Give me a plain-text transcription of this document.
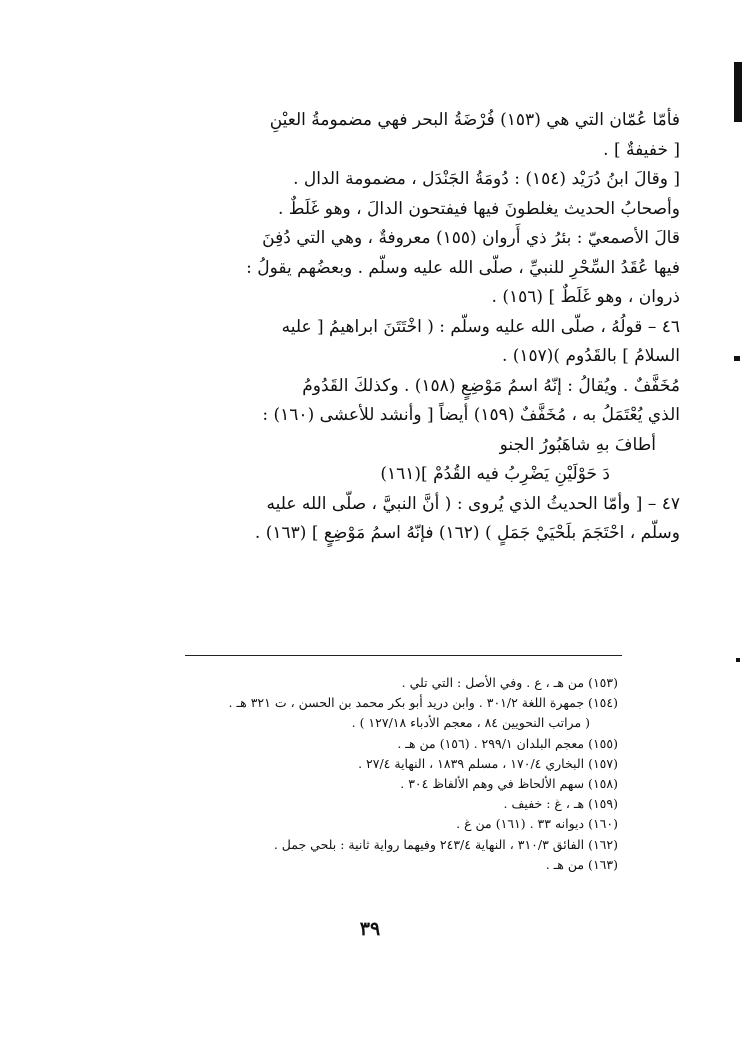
فأمّا عُمّان التي هي (١٥٣) فُرْضَةُ البحر فهي مضمومةُ العيْنِ

[ خفيفةٌ ] .

[ وقالَ ابنُ دُرَيْد (١٥٤) : دُومَةُ الجَنْدَل ، مضمومة الدال .

وأصحابُ الحديث يغلطونَ فيها فيفتحون الدالَ ، وهو غَلَطٌ .

قالَ الأصمعيّ : بئرُ ذي أَروان (١٥٥) معروفةٌ ، وهي التي دُفِنَ

فيها عُقَدُ السِّحْرِ للنبيِّ ، صلّى الله عليه وسلّم . وبعضُهم يقولُ :

ذروان ، وهو غَلَطٌ ] (١٥٦) .

٤٦ – قولُهُ ، صلّى الله عليه وسلّم : ( اخْتَتَنَ ابراهيمُ [ عليه

السلامُ ] بالقَدُوم )(١٥٧) .

مُخَفَّفٌ . ويُقالُ : إنّهُ اسمُ مَوْضِعٍ (١٥٨) . وكذلكَ القَدُومُ

الذي يُعْتَمَلُ به ، مُخَفَّفٌ (١٥٩) أيضاً [ وأنشد للأعشى (١٦٠) :

أطافَ بهِ شاهَبُورُ الجنو

دَ حَوْلَيْنِ يَضْرِبُ فيه القُدُمْ ](١٦١)

٤٧ – [ وأمّا الحديثُ الذي يُروى : ( أنَّ النبيَّ ، صلّى الله عليه

وسلّم ، احْتَجَمَ بلَحْيَيْ جَمَلٍ ) (١٦٢) فإنّهُ اسمُ مَوْضِعٍ ] (١٦٣) .

(١٥٣) من هـ ، ع . وفي الأصل : التي تلي .
(١٥٤) جمهرة اللغة ٣٠١/٢ . وابن دريد أبو بكر محمد بن الحسن ، ت ٣٢١ هـ .
( مراتب النحويين ٨٤ ، معجم الأدباء ١٢٧/١٨ ) .
(١٥٥) معجم البلدان ٢٩٩/١ . (١٥٦) من هـ .
(١٥٧) البخاري ١٧٠/٤ ، مسلم ١٨٣٩ ، النهاية ٢٧/٤ .
(١٥٨) سهم الألحاظ في وهم الألفاظ ٣٠٤ .
(١٥٩) هـ ، غ : خفيف .
(١٦٠) ديوانه ٣٣ . (١٦١) من غ .
(١٦٢) الفائق ٣١٠/٣ ، النهاية ٢٤٣/٤ وفيهما رواية ثانية : بلحي جمل .
(١٦٣) من هـ .
٣٩
